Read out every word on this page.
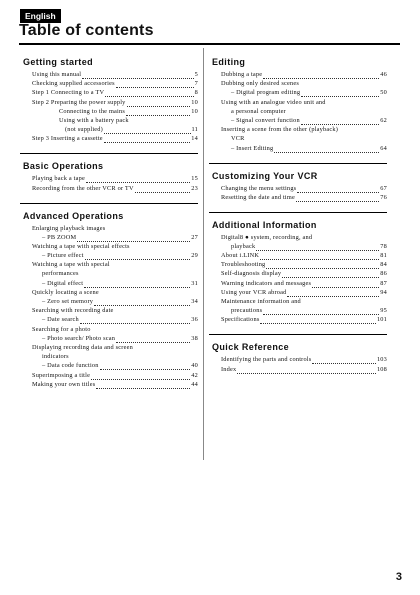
English
Table of contents
Getting started
Using this manual	5
Checking supplied accessories	7
Step 1 Connecting to a TV	8
Step 2 Preparing the power supply	10
Connecting to the mains	10
Using with a battery pack
(not supplied)	11
Step 3 Inserting a cassette	14
Basic Operations
Playing back a tape	15
Recording from the other VCR or TV	23
Advanced Operations
Enlarging playback images
– PB ZOOM	27
Watching a tape with special effects
– Picture effect	29
Watching a tape with special
performances
– Digital effect	31
Quickly locating a scene
– Zero set memory	34
Searching with recording date
– Date search	36
Searching for a photo
– Photo search/ Photo scan	38
Displaying recording data and screen
indicators
– Data code function	40
Superimposing a title	42
Making your own titles	44
Editing
Dubbing a tape	46
Dubbing only desired scenes
– Digital program editing	50
Using with an analogue video unit and
a personal computer
– Signal convert function	62
Inserting a scene from the other (playback)
VCR
– Insert Editing	64
Customizing Your VCR
Changing the menu settings	67
Resetting the date and time	76
Additional Information
Digital8 ● system, recording, and
playback	78
About i.LINK	81
Troubleshooting	84
Self-diagnosis display	86
Warning indicators and messages	87
Using your VCR abroad	94
Maintenance information and
precautions	95
Specifications	101
Quick Reference
Identifying the parts and controls	103
Index	108
3
